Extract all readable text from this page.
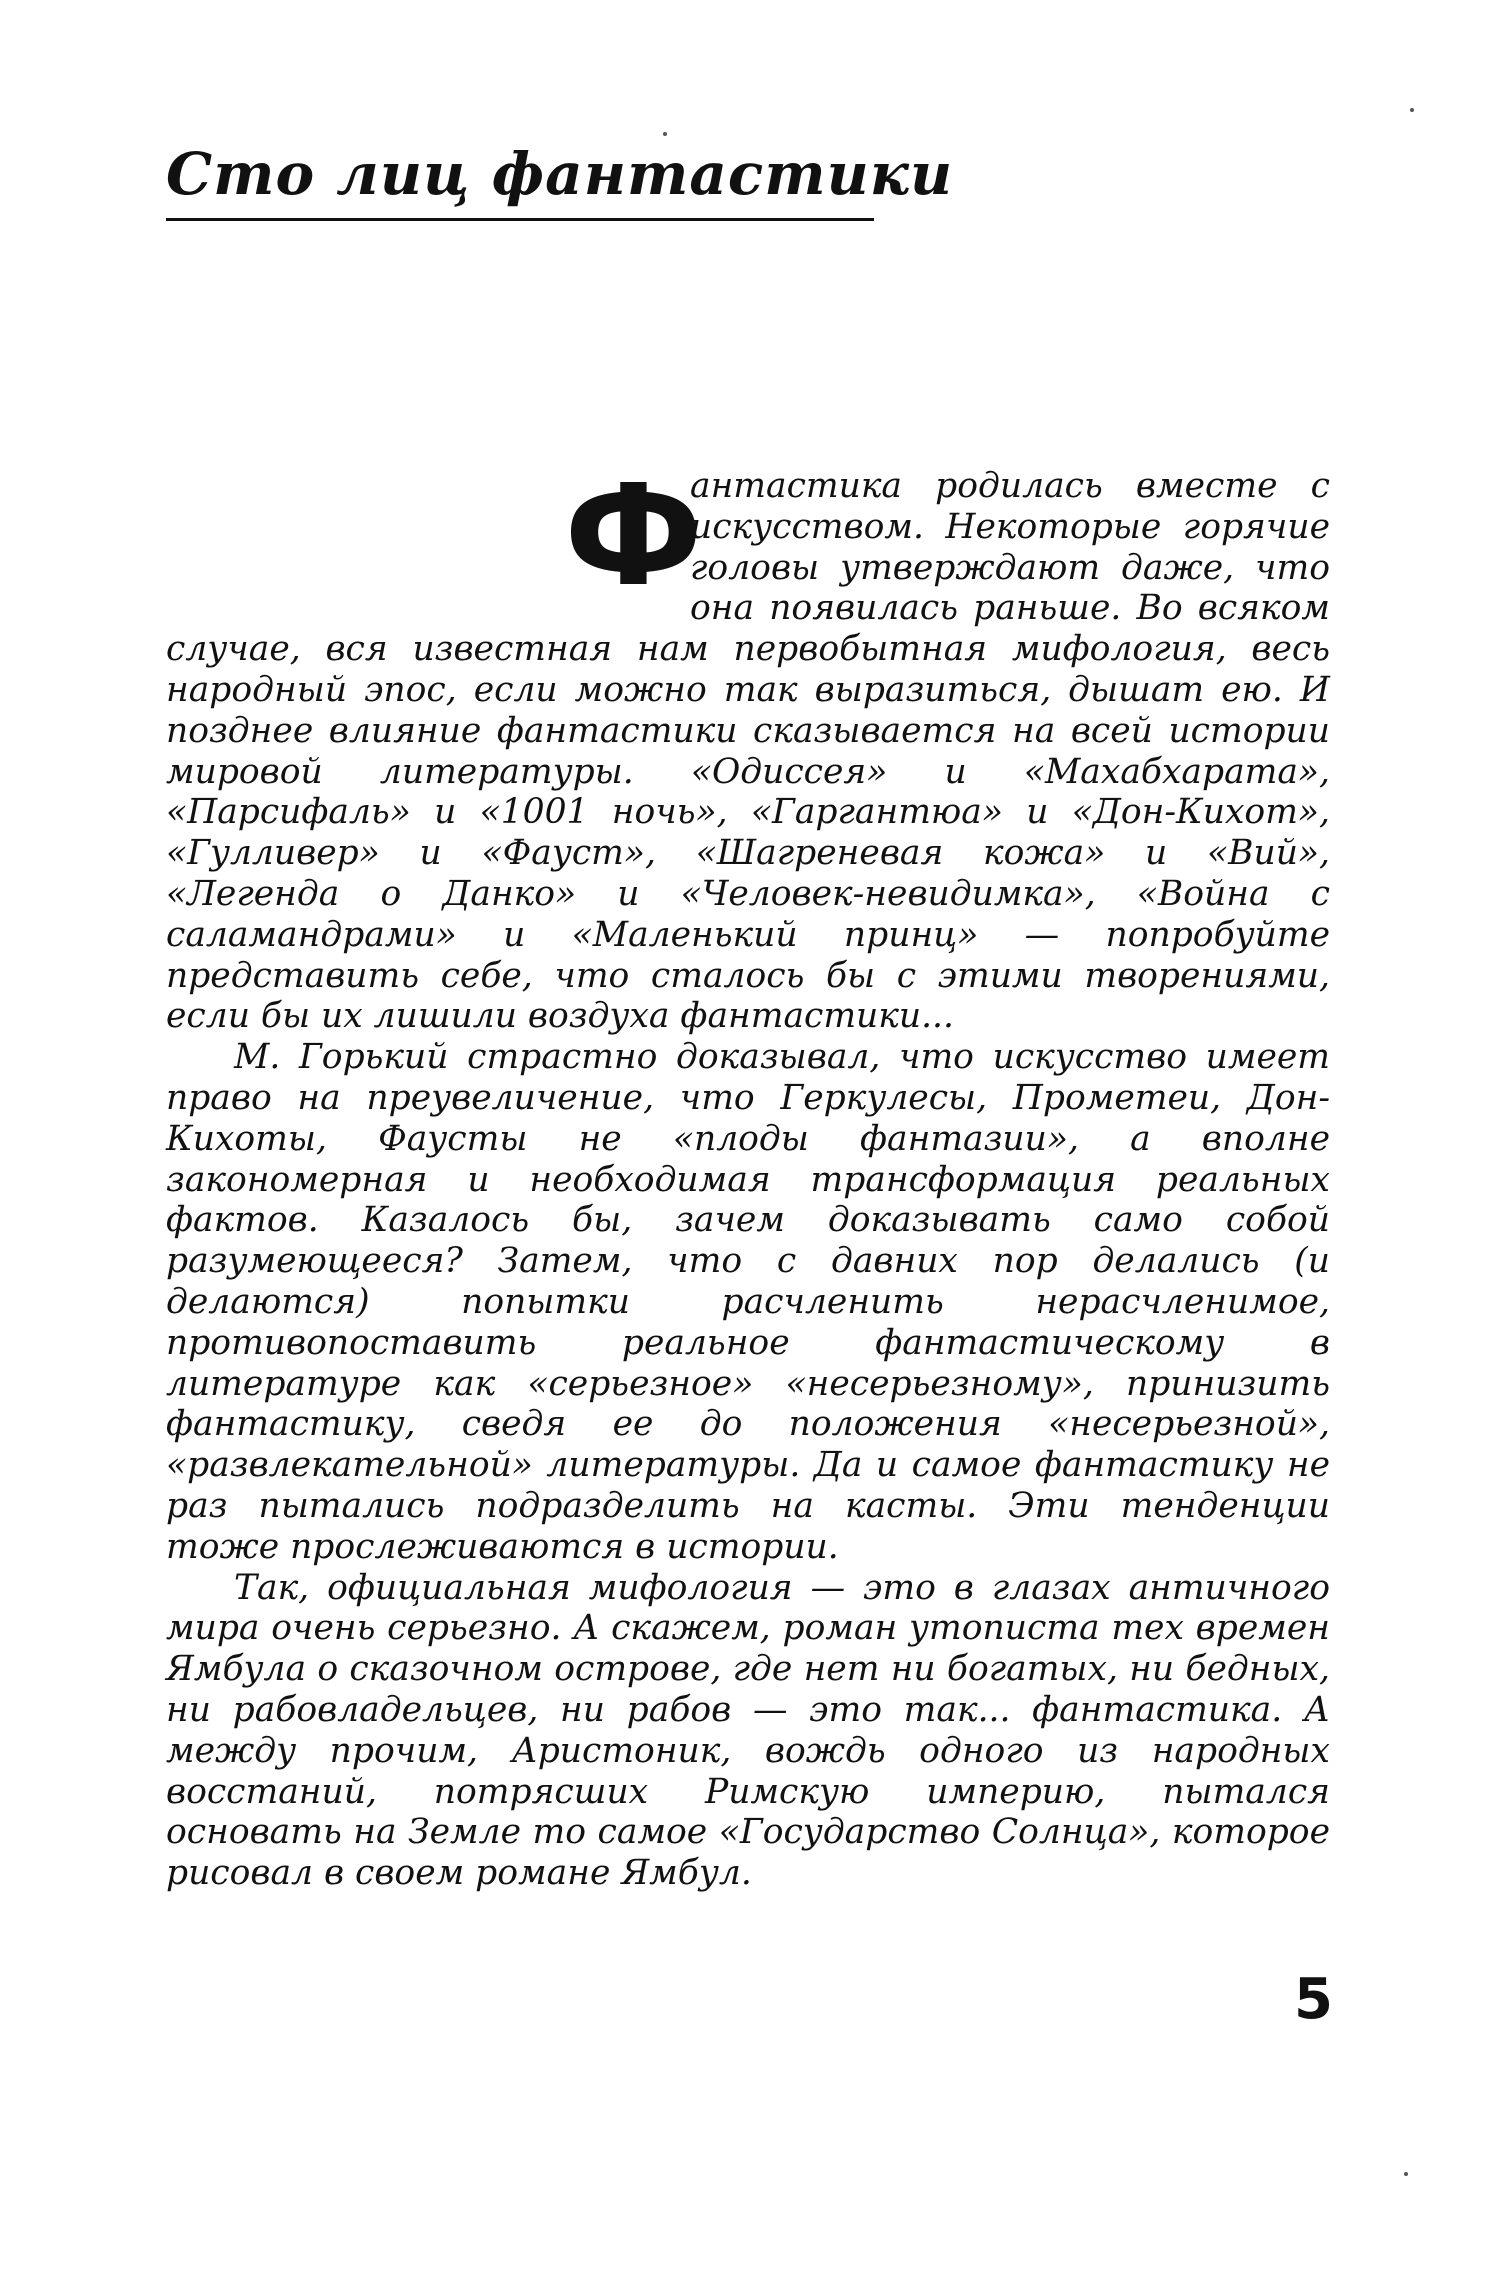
Сто лиц фантастики

Ф
антастика родилась вместе с искусством. Некоторые горячие головы утверждают даже, что она появилась раньше. Во всяком случае, вся известная нам первобытная мифология, весь народный эпос, если можно так выразиться, дышат ею. И позднее влияние фантастики сказывается на всей истории мировой литературы. «Одиссея» и «Махабхарата», «Парсифаль» и «1001 ночь», «Гаргантюа» и «Дон-Кихот», «Гулливер» и «Фауст», «Шагреневая кожа» и «Вий», «Легенда о Данко» и «Человек-невидимка», «Война с саламандрами» и «Маленький принц» — попробуйте представить себе, что сталось бы с этими творениями, если бы их лишили воздуха фантастики...

М. Горький страстно доказывал, что искусство имеет право на преувеличение, что Геркулесы, Прометеи, Дон-Кихоты, Фаусты не «плоды фантазии», а вполне закономерная и необходимая трансформация реальных фактов. Казалось бы, зачем доказывать само собой разумеющееся? Затем, что с давних пор делались (и делаются) попытки расчленить нерасчленимое, противопоставить реальное фантастическому в литературе как «серьезное» «несерьезному», принизить фантастику, сведя ее до положения «несерьезной», «развлекательной» литературы. Да и самое фантастику не раз пытались подразделить на касты. Эти тенденции тоже прослеживаются в истории.

Так, официальная мифология — это в глазах античного мира очень серьезно. А скажем, роман утописта тех времен Ямбула о сказочном острове, где нет ни богатых, ни бедных, ни рабовладельцев, ни рабов — это так... фантастика. А между прочим, Аристоник, вождь одного из народных восстаний, потрясших Римскую империю, пытался основать на Земле то самое «Государство Солнца», которое рисовал в своем романе Ямбул.

5
